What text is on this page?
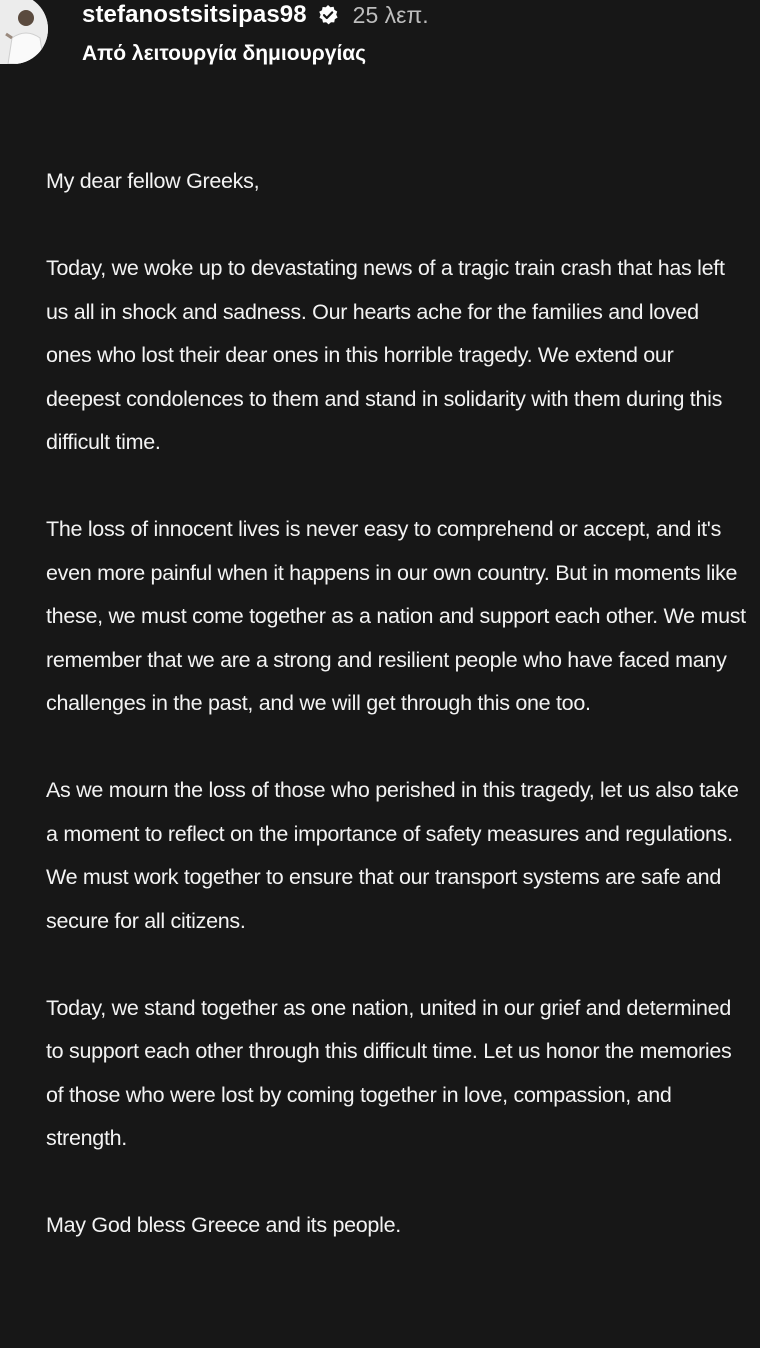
stefanostsitsipas98 25 λεπ.
Από λειτουργία δημιουργίας

My dear fellow Greeks,

Today, we woke up to devastating news of a tragic train crash that has left us all in shock and sadness. Our hearts ache for the families and loved ones who lost their dear ones in this horrible tragedy. We extend our deepest condolences to them and stand in solidarity with them during this difficult time.

The loss of innocent lives is never easy to comprehend or accept, and it's even more painful when it happens in our own country. But in moments like these, we must come together as a nation and support each other. We must remember that we are a strong and resilient people who have faced many challenges in the past, and we will get through this one too.

As we mourn the loss of those who perished in this tragedy, let us also take a moment to reflect on the importance of safety measures and regulations. We must work together to ensure that our transport systems are safe and secure for all citizens.

Today, we stand together as one nation, united in our grief and determined to support each other through this difficult time. Let us honor the memories of those who were lost by coming together in love, compassion, and strength.

May God bless Greece and its people.
